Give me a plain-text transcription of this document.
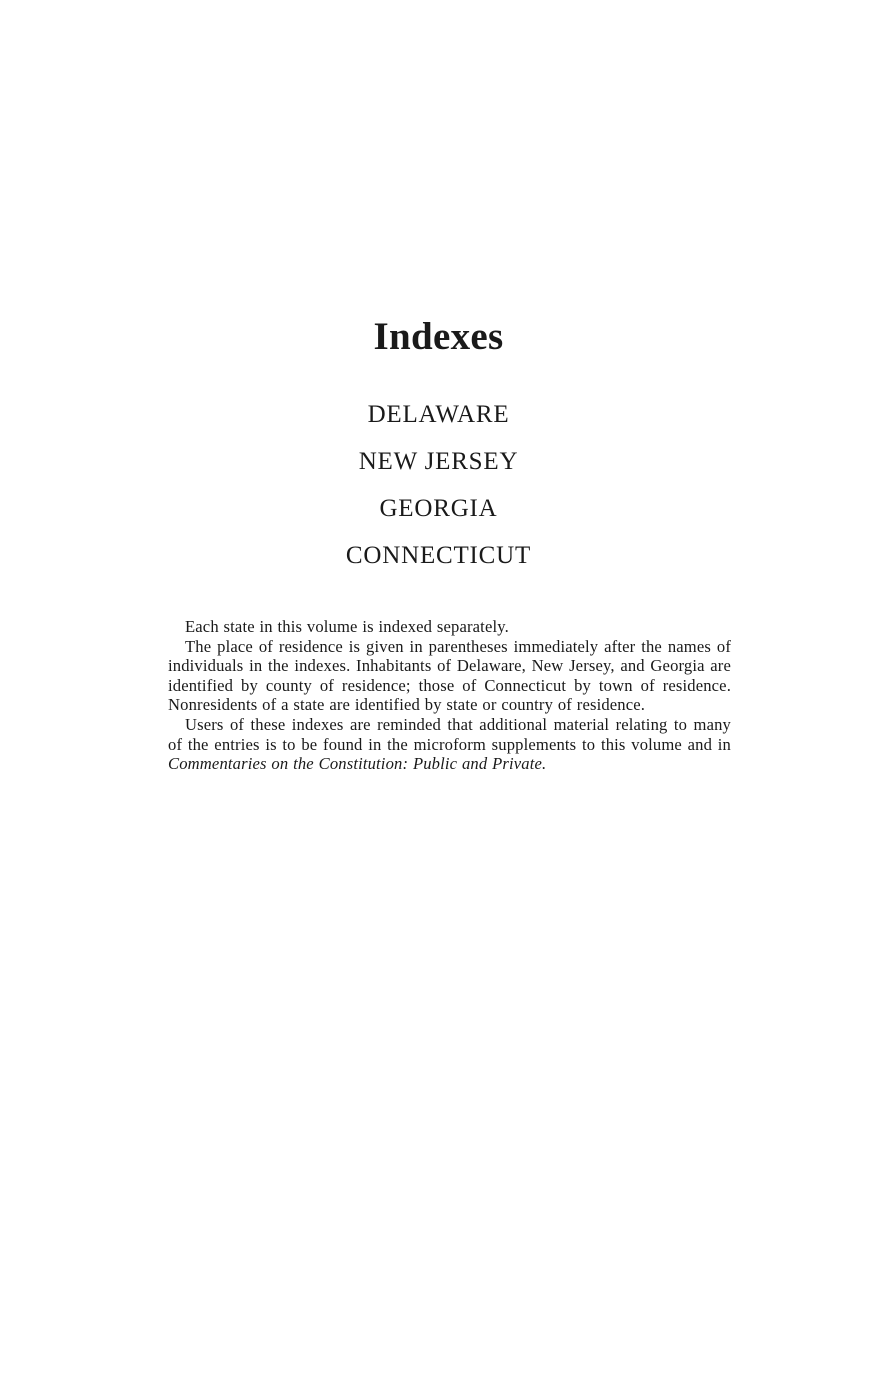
Indexes
DELAWARE
NEW JERSEY
GEORGIA
CONNECTICUT

Each state in this volume is indexed separately.

The place of residence is given in parentheses immediately after the names of individuals in the indexes. Inhabitants of Delaware, New Jersey, and Georgia are identified by county of residence; those of Connecticut by town of residence. Nonresidents of a state are identified by state or country of residence.

Users of these indexes are reminded that additional material relating to many of the entries is to be found in the microform supplements to this volume and in Commentaries on the Constitution: Public and Private.
